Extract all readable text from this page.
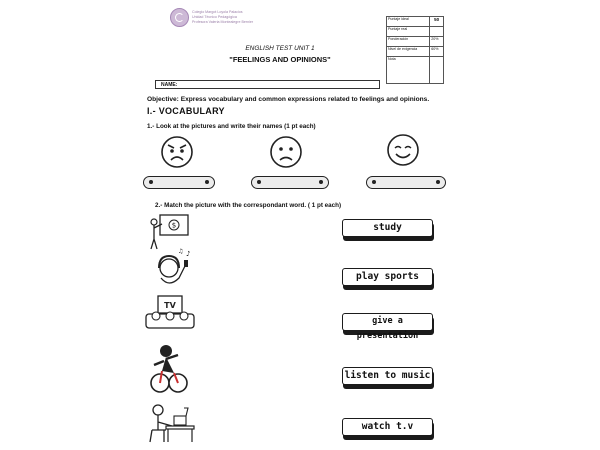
Colegio Margot Loyola Palacios
Unidad Técnico Pedagógica
Profesora Valeria Montealegre Bernier
Puntaje ideal	50
Puntaje real	
Ponderación	20%
Nivel de exigencia	60%
Nota	
ENGLISH TEST UNIT 1
"FEELINGS AND OPINIONS"
NAME:
Objective: Express vocabulary and common expressions related to feelings and opinions.
I.- VOCABULARY
1.- Look at the pictures and write their names (1 pt each)
2.- Match the picture with the correspondant word. ( 1 pt each)
$
♪
♫
TV
study
play sports
give a presentation
listen to music
watch t.v
